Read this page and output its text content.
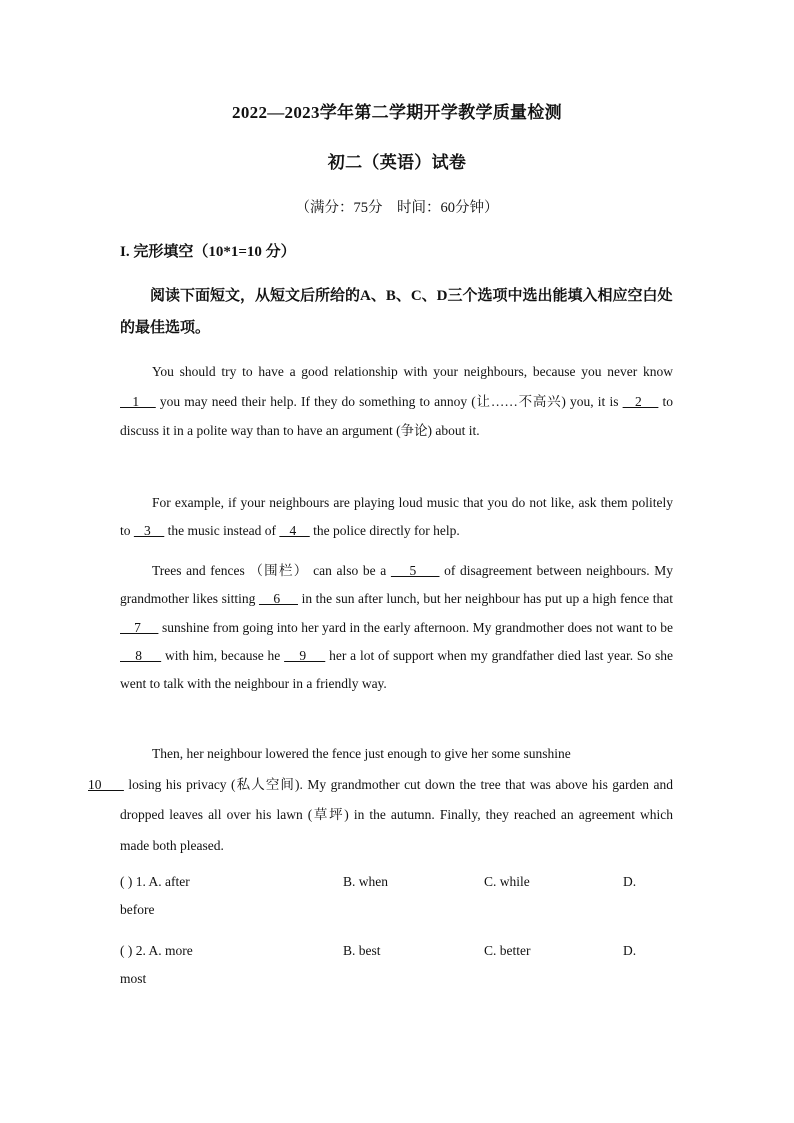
2022—2023学年第二学期开学教学质量检测
初二（英语）试卷
（满分：75分　时间：60分钟）
I. 完形填空（10*1=10 分）
阅读下面短文，从短文后所给的A、B、C、D三个选项中选出能填入相应空白处的最佳选项。
You should try to have a good relationship with your neighbours, because you never know    1     you may need their help. If they do something to annoy (让……不高兴) you, it is    2     to discuss it in a polite way than to have an argument (争论) about it.
For example, if your neighbours are playing loud music that you do not like, ask them politely to    3     the music instead of    4     the police directly for help.
Trees and fences （围栏） can also be a     5      of disagreement between neighbours. My grandmother likes sitting     6      in the sun after lunch, but her neighbour has put up a high fence that     7      sunshine from going into her yard in the early afternoon. My grandmother does not want to be     8      with him, because he     9      her a lot of support when my grandfather died last year. So she went to talk with the neighbour in a friendly way.
Then, her neighbour lowered the fence just enough to give her some sunshine
10      losing his privacy (私人空间). My grandmother cut down the tree that was above his garden and dropped leaves all over his lawn (草坪) in the autumn. Finally, they reached an agreement which made both pleased.
( ) 1. A. after	B. when	C. while	D.
before
( ) 2. A. more	B. best	C. better	D.
most
